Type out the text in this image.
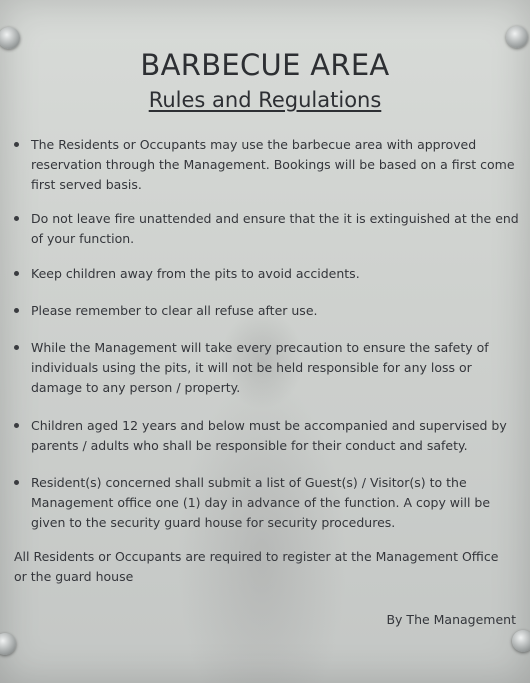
BARBECUE AREA
Rules and Regulations
The Residents or Occupants may use the barbecue area with approved reservation through the Management. Bookings will be based on a first come first served basis.
Do not leave fire unattended and ensure that the it is extinguished at the end of your function.
Keep children away from the pits to avoid accidents.
Please remember to clear all refuse after use.
While the Management will take every precaution to ensure the safety of individuals using the pits, it will not be held responsible for any loss or damage to any person / property.
Children aged 12 years and below must be accompanied and supervised by parents / adults who shall be responsible for their conduct and safety.
Resident(s) concerned shall submit a list of Guest(s) / Visitor(s) to the Management office one (1) day in advance of the function. A copy will be given to the security guard house for security procedures.

All Residents or Occupants are required to register at the Management Office or the guard house

By The Management
